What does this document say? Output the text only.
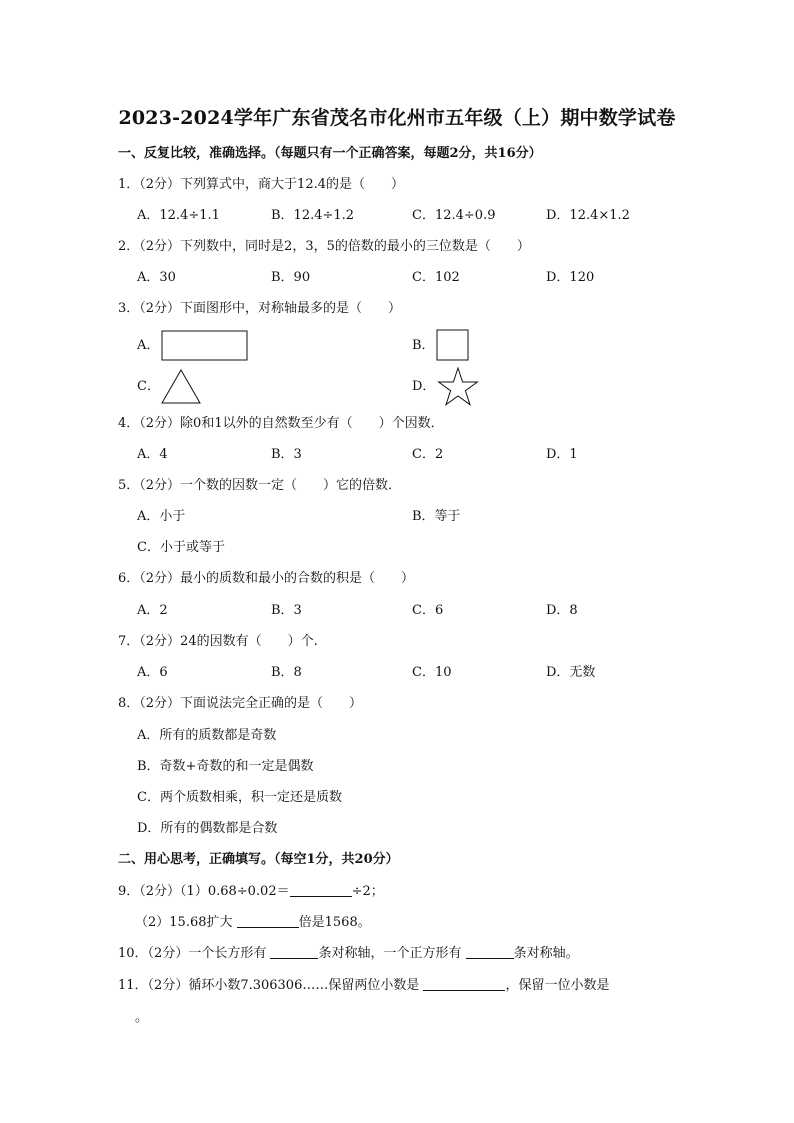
2023-2024学年广东省茂名市化州市五年级（上）期中数学试卷
一、反复比较，准确选择。（每题只有一个正确答案，每题2分，共16分）
1．（2分）下列算式中，商大于12.4的是（　　）
A．12.4÷1.1	B．12.4÷1.2	C．12.4÷0.9	D．12.4×1.2
2．（2分）下列数中，同时是2，3，5的倍数的最小的三位数是（　　）
A．30	B．90	C．102	D．120
3．（2分）下面图形中，对称轴最多的是（　　）
A．	B．
C．	D．
4．（2分）除0和1以外的自然数至少有（　　）个因数．
A．4	B．3	C．2	D．1
5．（2分）一个数的因数一定（　　）它的倍数．
A．小于	B．等于
C．小于或等于
6．（2分）最小的质数和最小的合数的积是（　　）
A．2	B．3	C．6	D．8
7．（2分）24的因数有（　　）个.
A．6	B．8	C．10	D．无数
8．（2分）下面说法完全正确的是（　　）
A．所有的质数都是奇数
B．奇数+奇数的和一定是偶数
C．两个质数相乘，积一定还是质数
D．所有的偶数都是合数
二、用心思考，正确填写。（每空1分，共20分）
9．（2分）（1）0.68÷0.02＝	÷2；
（2）15.68扩大	倍是1568。
10．（2分）一个长方形有	条对称轴，一个正方形有	条对称轴。
11．（2分）循环小数7.306306……保留两位小数是	，保留一位小数是
。
